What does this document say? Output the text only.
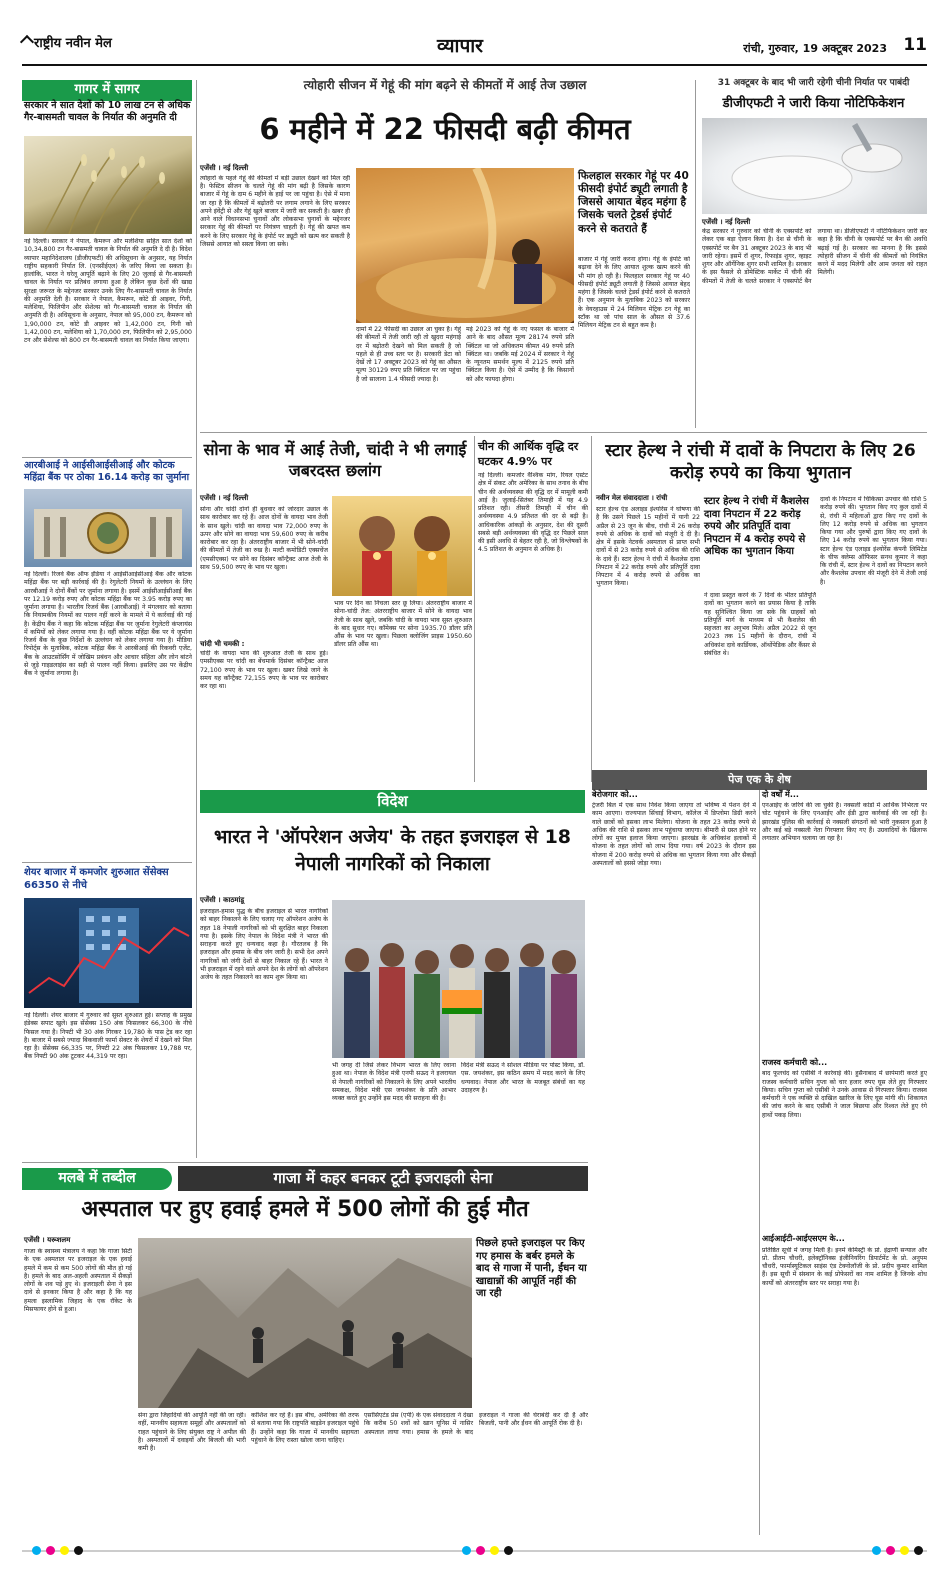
राष्ट्रीय नवीन मेल	व्यापार	रांची, गुरुवार, 19 अक्टूबर 2023 11
गागर में सागर
सरकार ने सात देशों को 10 लाख टन से अधिक गैर-बासमती चावल के निर्यात की अनुमति दी
नई दिल्ली। सरकार ने नेपाल, कैमरून और मलेशिया सहित सात देशों को 10,34,800 टन गैर-बासमती चावल के निर्यात की अनुमति दे दी है। विदेश व्यापार महानिदेशालय (डीजीएफटी) की अधिसूचना के अनुसार, यह निर्यात राष्ट्रीय सहकारी निर्यात लि. (एनसीईएल) के जरिए किया जा सकता है। हालांकि, भारत ने घरेलू आपूर्ति बढ़ाने के लिए 20 जुलाई से गैर-बासमती चावल के निर्यात पर प्रतिबंध लगाया हुआ है लेकिन कुछ देशों की खाद्य सुरक्षा जरूरत के मद्देनजर सरकार उनके लिए गैर-बासमती चावल के निर्यात की अनुमति देती है। सरकार ने नेपाल, कैमरून, कोटे डी आइवर, गिनी, मलेशिया, फिलिपीन और सेशेल्स को गैर-बासमती चावल के निर्यात की अनुमति दी है। अधिसूचना के अनुसार, नेपाल को 95,000 टन, कैमरून को 1,90,000 टन, कोटे डी आइवर को 1,42,000 टन, गिनी को 1,42,000 टन, मलेशिया को 1,70,000 टन, फिलिपीन को 2,95,000 टन और सेशेल्स को 800 टन गैर-बासमती चावल का निर्यात किया जाएगा।
आरबीआई ने आईसीआईसीआई और कोटक महिंद्रा बैंक पर ठोका 16.14 करोड़ का जुर्माना
नई दिल्ली। रिजर्व बैंक ऑफ इंडिया ने आईसीआईसीआई बैंक और कोटक महिंद्रा बैंक पर बड़ी कार्रवाई की है। रेगुलेटरी नियमों के उल्लंघन के लिए आरबीआई ने दोनों बैंकों पर जुर्माना लगाया है। इसमें आईसीआईसीआई बैंक पर 12.19 करोड़ रुपए और कोटक महिंद्रा बैंक पर 3.95 करोड़ रुपए का जुर्माना लगाया है। भारतीय रिजर्व बैंक (आरबीआई) ने मंगलवार को बताया कि नियामकीय नियमों का पालन नहीं करने के मामले में ये कार्रवाई की गई है। केंद्रीय बैंक ने कहा कि कोटक महिंद्रा बैंक पर जुर्माना रेगुलेटरी कंप्लायंस में कमियों को लेकर लगाया गया है। वहीं कोटक महिंद्रा बैंक पर ये जुर्माना रिजर्व बैंक के कुछ निर्देशों के उल्लंघन को लेकर लगाया गया है। मीडिया रिपोर्ट्स के मुताबिक, कोटक महिंद्रा बैंक ने आरबीआई की रिकवरी एजेंट, बैंक के आउटसोर्सिंग में जोखिम प्रबंधन और आचार संहिता और लोन बांटने से जुड़े गाइडलाइंस का सही से पालन नहीं किया। इसलिए उस पर केंद्रीय बैंक ने जुर्माना लगाया है।
शेयर बाजार में कमजोर शुरुआत सेंसेक्स 66350 से नीचे
नई दिल्ली। शेयर बाजार में गुरुवार को सुस्त शुरुआत हुई। सप्ताह के प्रमुख इंडेक्स सपाट खुले। इस सेंसेक्स 150 अंक फिसलकर 66,300 के नीचे फिसल गया है। निफ्टी भी 30 अंक गिरकर 19,780 के पास ट्रेड कर रहा है। बाजार में सबसे ज्यादा बिकवाली फार्मा सेक्टर के शेयरों में देखने को मिल रहा है। सेंसेक्स 66,335 पर, निफ्टी 22 अंक फिसलकर 19,788 पर, बैंक निफ्टी 90 अंक टूटकर 44,319 पर रहा।
त्योहारी सीजन में गेहूं की मांग बढ़ने से कीमतों में आई तेज उछाल
6 महीने में 22 फीसदी बढ़ी कीमत
एजेंसी । नई दिल्ली
त्योहारों के पहले गेहूं की कीमतों में बड़ी उछाल देखने को मिल रही है। फेस्टिव सीजन के चलते गेहूं की मांग बढ़ी है जिसके कारण बाजार में गेहूं के दाम 6 महीने के हाई पर जा पहुंचा है। ऐसे में माना जा रहा है कि कीमतों में बढ़ोतरी पर लगाम लगाने के लिए सरकार अपने इंवेंट्री से और गेहूं खुले बाजार में जारी कर सकती है। खबर ही आने वाले विधानसभा चुनावों और लोकसभा चुनावों के मद्देनजर सरकार गेहूं की कीमतों पर नियंत्रण चाहती है। गेहूं की खपत कम करने के लिए सरकार गेहूं के इंपोर्ट पर ड्यूटी को खत्म कर सकती है जिससे आयात को सस्ता किया जा सके।
दामों में 22 फीसदी का उछाल आ चुका है। गेहूं की कीमतों में तेजी जारी रही तो खुदरा महंगाई दर में बढ़ोतरी देखने को मिल सकती है जो पहले से ही उच्च स्तर पर है। सरकारी डेटा को देखें तो 17 अक्टूबर 2023 को गेहूं का औसत मूल्य 30129 रुपए प्रति क्विंटल पर जा पहुंचा है जो सालाना 1.4 फीसदी ज्यादा है।
मई 2023 को गेहूं के नए फसल के बाजार में आने के बाद औसत मूल्य 28174 रुपये प्रति क्विंटल था जो अधिकतम कीमत 49 रुपये प्रति क्विंटल था। जबकि मई 2024 में सरकार ने गेहूं के न्यूनतम समर्थन मूल्य में 2125 रुपये प्रति क्विंटल किया है। ऐसे में उम्मीद है कि किसानों को और फायदा होगा।
फिलहाल सरकार गेहूं पर 40 फीसदी इंपोर्ट ड्यूटी लगाती है जिससे आयात बेहद महंगा है जिसके चलते ट्रेडर्स इंपोर्ट करने से कतराते हैं
बाजार में गेहूं जारी करना होगा। गेहूं के इंपोर्ट को बढ़ावा देने के लिए आयात शुल्क खत्म करने की भी मांग हो रही है। फिलहाल सरकार गेहूं पर 40 फीसदी इंपोर्ट ड्यूटी लगाती है जिससे आयात बेहद महंगा है जिसके चलते ट्रेडर्स इंपोर्ट करने से कतराते हैं। एक अनुमान के मुताबिक 2023 को सरकार के वेयरहाउस में 24 मिलियन मेट्रिक टन गेहूं का स्टॉक था जो पांच साल के औसत से 37.6 मिलियन मेट्रिक टन से बहुत कम है।
31 अक्टूबर के बाद भी जारी रहेगी चीनी निर्यात पर पाबंदी
डीजीएफटी ने जारी किया नोटिफिकेशन
एजेंसी । नई दिल्ली
केंद्र सरकार ने गुरुवार को चीनी के एक्सपोर्ट को लेकर एक बड़ा ऐलान किया है। देश से चीनी के एक्सपोर्ट पर बैन 31 अक्टूबर 2023 के बाद भी जारी रहेगा। इसमें रॉ शुगर, रिफाइंड शुगर, व्हाइट शुगर और ऑर्गेनिक शुगर सभी शामिल है। सरकार के इस फैसले से डोमेस्टिक मार्केट में चीनी की कीमतों में तेजी के चलते सरकार ने एक्सपोर्ट बैन लगाया था। डीजीएफटी ने नोटिफिकेशन जारी कर कहा है कि चीनी के एक्सपोर्ट पर बैन की अवधि बढ़ाई गई है। सरकार का मानना है कि इससे त्योहारी सीजन में चीनी की कीमतों को नियंत्रित करने में मदद मिलेगी और आम जनता को राहत मिलेगी।
सोना के भाव में आई तेजी, चांदी ने भी लगाई जबरदस्त छलांग
एजेंसी । नई दिल्ली
सोना और चांदी दोनों ही बुधवार को जोरदार उछाल के साथ कारोबार कर रहे हैं। आज दोनों के वायदा भाव तेजी के साथ खुले। चांदी का वायदा भाव 72,000 रुपए के ऊपर और सोने का वायदा भाव 59,600 रुपए के करीब कारोबार कर रहा है। अंतरराष्ट्रीय बाजार में भी सोने-चांदी की कीमतों में तेजी का रुख है। मल्टी कमोडिटी एक्सचेंज (एमसीएक्स) पर सोने का दिसंबर कॉन्ट्रैक्ट आज तेजी के साथ 59,500 रुपए के भाव पर खुला।
चांदी भी चमकी :
चांदी के वायदा भाव की शुरुआत तेजी के साथ हुई। एमसीएक्स पर चांदी का बेंचमार्क दिसंबर कॉन्ट्रैक्ट आज 72,100 रुपए के भाव पर खुला। खबर लिखे जाने के समय यह कॉन्ट्रैक्ट 72,155 रुपए के भाव पर कारोबार कर रहा था।
भाव पर दिन का निचला स्तर छू लिया। अंतरराष्ट्रीय बाजार में सोना-चांदी तेज: अंतरराष्ट्रीय बाजार में सोने के वायदा भाव तेजी के साथ खुले, जबकि चांदी के वायदा भाव सुस्त शुरुआत के बाद सुधार गए। कॉमेक्स पर सोना 1935.70 डॉलर प्रति औंस के भाव पर खुला। पिछला क्लोजिंग प्राइस 1950.60 डॉलर प्रति औंस था।
चीन की आर्थिक वृद्धि दर घटकर 4.9% पर
नई दिल्ली। कमजोर वैश्विक मांग, रियल एस्टेट क्षेत्र में संकट और अमेरिका के साथ तनाव के बीच चीन की अर्थव्यवस्था की वृद्धि दर में मामूली कमी आई है। जुलाई-सितंबर तिमाही में यह 4.9 प्रतिशत रही। तीसरी तिमाही में चीन की अर्थव्यवस्था 4.9 प्रतिशत की दर से बढ़ी है। आधिकारिक आंकड़ों के अनुसार, देश की दूसरी सबसे बड़ी अर्थव्यवस्था की वृद्धि दर पिछले साल की इसी अवधि से बेहतर रही है, जो विश्लेषकों के 4.5 प्रतिशत के अनुमान से अधिक है।
स्टार हेल्थ ने रांची में दावों के निपटारा के लिए 26 करोड़ रुपये का किया भुगतान
नवीन मेल संवाददाता । रांची
स्टार हेल्थ एंड अलाइड इंश्योरेंस ने घोषणा की है कि उसने पिछले 15 महीनों में यानी 22 अप्रैल से 23 जून के बीच, रांची में 26 करोड़ रुपये से अधिक के दावों को मंजूरी दे दी है। क्षेत्र में इसके नेटवर्क अस्पताल से प्राप्त सभी दावों में से 23 करोड़ रुपये से अधिक की राशि के दावे हैं। स्टार हेल्थ ने रांची में कैशलेस दावा निपटान में 22 करोड़ रुपये और प्रतिपूर्ति दावा निपटान में 4 करोड़ रुपये से अधिक का भुगतान किया।
स्टार हेल्थ ने रांची में कैशलेस दावा निपटान में 22 करोड़ रुपये और प्रतिपूर्ति दावा निपटान में 4 करोड़ रुपये से अधिक का भुगतान किया
ने दावा प्रस्तुत करने के 7 दिनों के भीतर प्रतिपूर्ति दावों का भुगतान करने का प्रयास किया है ताकि यह सुनिश्चित किया जा सके कि ग्राहकों को प्रतिपूर्ति मार्ग के माध्यम से भी कैशलेस की सहजता का अनुभव मिले। अप्रैल 2022 से जून 2023 तक 15 महीनों के दौरान, रांची में अधिकांश दावे कार्डियक, ऑर्थोपेडिक और कैंसर से संबंधित थे।
दावों के निपटान में चिकित्सा उपचार की राशि 5 करोड़ रुपये की। भुगतान किए गए कुल दावों में से, रांची में महिलाओं द्वारा किए गए दावों के लिए 12 करोड़ रुपये से अधिक का भुगतान किया गया और पुरुषों द्वारा किए गए दावों के लिए 14 करोड़ रुपये का भुगतान किया गया। स्टार हेल्थ एंड एलाइड इंश्योरेंस कंपनी लिमिटेड के चीफ क्लेम्स ऑफिसर सनथ कुमार ने कहा कि रांची में, स्टार हेल्थ ने दावों का निपटान करने और कैशलेस उपचार की मंजूरी देने में तेजी लाई है।
पेज एक के शेष
बेरोजगार को...
ट्रेजरी बिल में एक साथ निवेश किया जाएगा तो भविष्य में पेंशन देने में काम आएगा। राज्यपाल सिंचाई विभाग, कॉलेज में डिप्लोमा डिग्री करने वाले छात्रों को इसका लाभ मिलेगा। योजना के तहत 23 करोड़ रुपये से अधिक की राशि से इसका लाभ पहुंचाया जाएगा। बीमारी से ग्रस्त होने पर लोगों का मुफ्त इलाज किया जाएगा। झारखंड के अधिकांश इलाकों में योजना के तहत लोगों को लाभ दिया गया। वर्ष 2023 के दौरान इस योजना में 200 करोड़ रुपये से अधिक का भुगतान किया गया और सैकड़ों अस्पतालों को इससे जोड़ा गया।
दो वर्षों में...
एनआईए के जरिये की जा चुकी है। नक्सली कांडों में आर्थिक निर्भरता पर चोट पहुंचाने के लिए एनआईए और ईडी द्वारा कार्रवाई की जा रही है। झारखंड पुलिस की कार्रवाई से नक्सली संगठनों को भारी नुकसान हुआ है और कई बड़े नक्सली नेता गिरफ्तार किए गए हैं। उग्रवादियों के खिलाफ लगातार अभियान चलाया जा रहा है।
राजस्व कर्मचारी को...
बाद फूलचंद को एसीबी ने कार्रवाई की। हुसैनाबाद में छापेमारी करते हुए राजस्व कर्मचारी सचिन गुप्ता को चार हजार रुपए घूस लेते हुए गिरफ्तार किया। सचिन गुप्ता को एसीबी ने उनके आवास से गिरफ्तार किया। राजस्व कर्मचारी ने एक व्यक्ति से दाखिल खारिज के लिए घूस मांगी थी। शिकायत की जांच करने के बाद एसीबी ने जाल बिछाया और रिश्वत लेते हुए रंगे हाथों पकड़ लिया।
आईआईटी-आईएसएम के...
प्रतिष्ठित सूची में जगह मिली है। इनमें केमिस्ट्री के प्रो. इंद्राणी सन्याल और प्रो. प्रीतम चौधरी, इलेक्ट्रॉनिक्स इंजीनियरिंग डिपार्टमेंट के प्रो. अनुपम चौधरी, फार्मास्यूटिकल साइंस एंड टेक्नोलॉजी के प्रो. प्रदीप कुमार शामिल हैं। इस सूची में संस्थान के कई प्रोफेसरों का नाम शामिल है जिनके शोध कार्यों को अंतरराष्ट्रीय स्तर पर सराहा गया है।
विदेश
भारत ने 'ऑपरेशन अजेय' के तहत इजराइल से 18 नेपाली नागरिकों को निकाला
एजेंसी । काठमांडू
इजराइल-हमास युद्ध के बीच इजराइल से भारत नागरिकों को बाहर निकालने के लिए चलाए गए ऑपरेशन अजेय के तहत 18 नेपाली नागरिकों को भी सुरक्षित बाहर निकाला गया है। इसके लिए नेपाल के विदेश मंत्री ने भारत की सराहना करते हुए धन्यवाद कहा है। गौरतलब है कि इजराइल और हमास के बीच जंग जारी है। सभी देश अपने नागरिकों को जंगी देशों से बाहर निकाल रहे हैं। भारत ने भी इजराइल में रहने वाले अपने देश के लोगों को ऑपरेशन अजेय के तहत निकालने का काम शुरू किया था।
भी जगह दी जिसे लेकर विभाग भारत के लिए रवाना हुआ था। नेपाल के विदेश मंत्री एनपी सऊद ने इजरायल से नेपाली नागरिकों को निकालने के लिए अपने भारतीय समकक्ष, विदेश मंत्री एस जयशंकर के प्रति आभार व्यक्त करते हुए उन्होंने इस मदद की सराहना की है।
विदेश मंत्री सऊद ने सोशल मीडिया पर पोस्ट किया, डॉ. एस. जयशंकर, इस कठिन समय में मदद करने के लिए धन्यवाद। नेपाल और भारत के मजबूत संबंधों का यह उदाहरण है।
मलबे में तब्दील	गाजा में कहर बनकर टूटी इजराइली सेना
अस्पताल पर हुए हवाई हमले में 500 लोगों की हुई मौत
एजेंसी । यरूशलम
गाजा के स्वास्थ्य मंत्रालय ने कहा कि गाजा सिटी के एक अस्पताल पर इजराइल के एक हवाई हमले में कम से कम 500 लोगों की मौत हो गई है। हमले के बाद अल-अहली अस्पताल में सैकड़ों लोगों के शव पड़े हुए थे। इजराइली सेना ने इस दावे से इनकार किया है और कहा है कि यह हमला इस्लामिक जिहाद के एक रॉकेट के मिसफायर होने से हुआ।
पिछले हफ्ते इजराइल पर किए गए हमास के बर्बर हमले के बाद से गाजा में पानी, ईंधन या खाद्यान्नों की आपूर्ति नहीं की जा रही
सेना द्वारा जिहादियों की आपूर्ति नहीं की जा रही। वहीं, मानवीय सहायता समूहों और अस्पतालों को राहत पहुंचाने के लिए संयुक्त राष्ट्र ने अपील की है। अस्पतालों में दवाइयों और बिजली की भारी कमी है।
कोशिश कर रहे हैं। इस बीच, अमेरिका की तरफ से बताया गया कि राष्ट्रपति बाइडेन इजराइल पहुंचे हैं। उन्होंने कहा कि गाजा में मानवीय सहायता पहुंचाने के लिए रास्ता खोला जाना चाहिए।
एसोसिएटेड प्रेस (एपी) के एक संवाददाता ने देखा कि करीब 50 शवों को खान यूनिस में नासिर अस्पताल लाया गया। हमास के हमले के बाद इजराइल ने गाजा की घेराबंदी कर दी है और बिजली, पानी और ईंधन की आपूर्ति रोक दी है।
